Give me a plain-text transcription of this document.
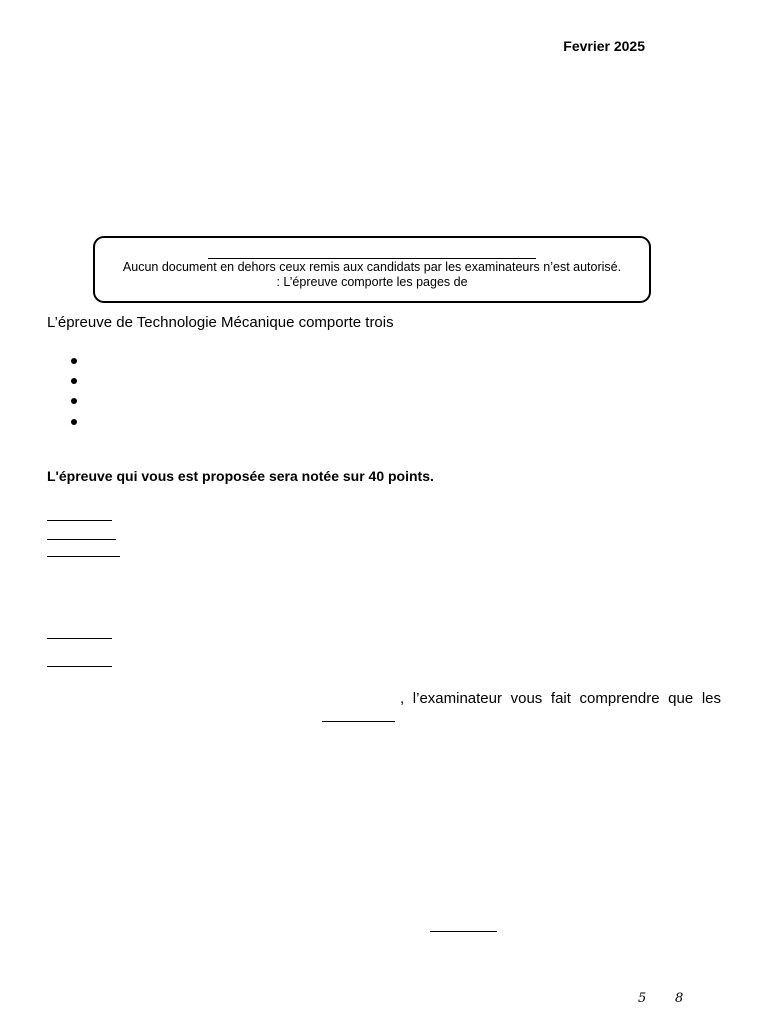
Fevrier 2025
Aucun document en dehors ceux remis aux candidats par les examinateurs n’est autorisé.
: L’épreuve comporte les pages de
L’épreuve de Technologie Mécanique comporte trois
L'épreuve qui vous est proposée sera notée sur 40 points.
, l’examinateur vous fait comprendre que les
5 8
